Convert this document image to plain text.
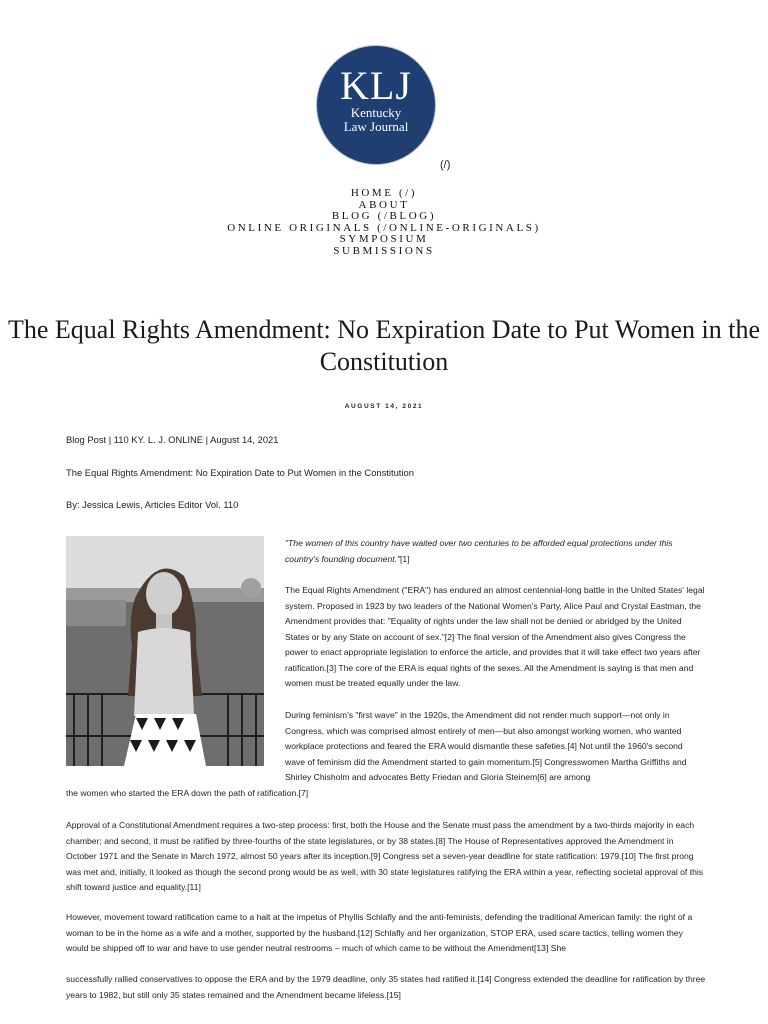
KLJ
Kentucky
Law Journal
(/)
HOME (/)
ABOUT
BLOG (/BLOG)
ONLINE ORIGINALS (/ONLINE-ORIGINALS)
SYMPOSIUM
SUBMISSIONS
The Equal Rights Amendment: No Expiration Date to Put Women in the Constitution
AUGUST 14, 2021
Blog Post | 110 KY. L. J. ONLINE | August 14, 2021
The Equal Rights Amendment: No Expiration Date to Put Women in the Constitution
By: Jessica Lewis, Articles Editor Vol. 110

"The women of this country have waited over two centuries to be afforded equal protections under this country's founding document."[1]

The Equal Rights Amendment ("ERA") has endured an almost centennial-long battle in the United States' legal system. Proposed in 1923 by two leaders of the National Women's Party, Alice Paul and Crystal Eastman, the Amendment provides that: "Equality of rights under the law shall not be denied or abridged by the United States or by any State on account of sex."[2] The final version of the Amendment also gives Congress the power to enact appropriate legislation to enforce the article, and provides that it will take effect two years after ratification.[3] The core of the ERA is equal rights of the sexes. All the Amendment is saying is that men and women must be treated equally under the law.

During feminism's "first wave" in the 1920s, the Amendment did not render much support—not only in Congress, which was comprised almost entirely of men—but also amongst working women, who wanted workplace protections and feared the ERA would dismantle these safeties.[4] Not until the 1960's second wave of feminism did the Amendment started to gain momentum.[5] Congresswomen Martha Griffiths and Shirley Chisholm and advocates Betty Friedan and Gloria Steinem[6] are among

the women who started the ERA down the path of ratification.[7]

Approval of a Constitutional Amendment requires a two-step process: first, both the House and the Senate must pass the amendment by a two-thirds majority in each chamber; and second, it must be ratified by three-fourths of the state legislatures, or by 38 states.[8] The House of Representatives approved the Amendment in October 1971 and the Senate in March 1972, almost 50 years after its inception.[9] Congress set a seven-year deadline for state ratification: 1979.[10] The first prong was met and, initially, it looked as though the second prong would be as well, with 30 state legislatures ratifying the ERA within a year, reflecting societal approval of this shift toward justice and equality.[11]

However, movement toward ratification came to a halt at the impetus of Phyllis Schlafly and the anti-feminists, defending the traditional American family: the right of a woman to be in the home as a wife and a mother, supported by the husband.[12] Schlafly and her organization, STOP ERA, used scare tactics, telling women they would be shipped off to war and have to use gender neutral restrooms – much of which came to be without the Amendment[13] She

successfully rallied conservatives to oppose the ERA and by the 1979 deadline, only 35 states had ratified it.[14] Congress extended the deadline for ratification by three years to 1982, but still only 35 states remained and the Amendment became lifeless.[15]
